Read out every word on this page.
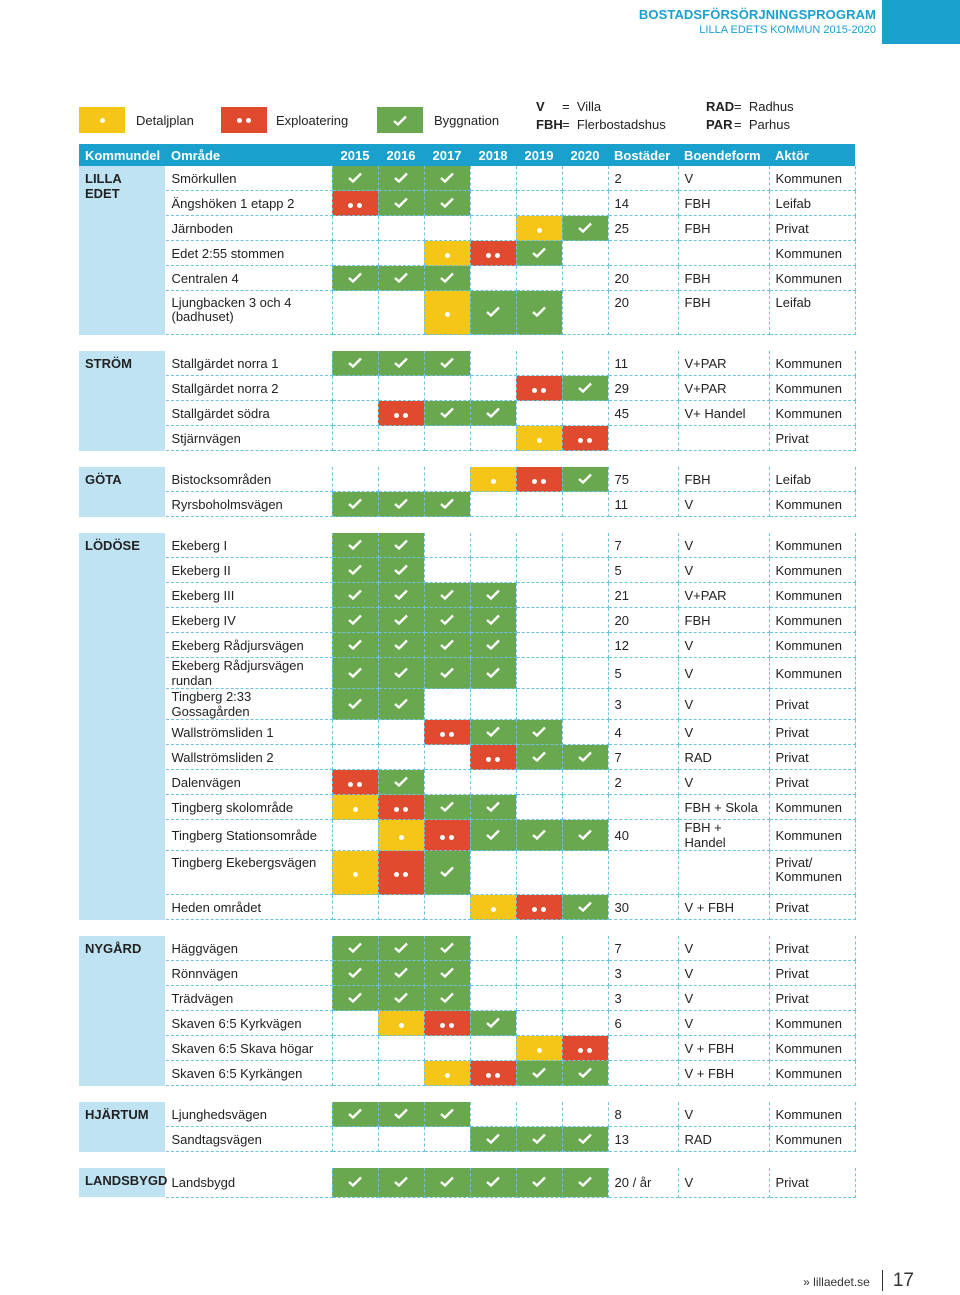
BOSTADSFÖRSÖRJNINGSPROGRAM
LILLA EDETS KOMMUN 2015-2020
Detaljplan	Exploatering	Byggnation
V = Villa
FBH= Flerbostadshus
RAD= Radhus
PAR = Parhus
Kommundel	Område	2015	2016	2017	2018	2019	2020	Bostäder	Boendeform	Aktör
LILLA EDET	Smörkullen							2	V	Kommunen
	Ängshöken 1 etapp 2							14	FBH	Leifab
	Järnboden							25	FBH	Privat
	Edet 2:55 stommen									Kommunen
	Centralen 4							20	FBH	Kommunen
	Ljungbacken 3 och 4 (badhuset)							20	FBH	Leifab

STRÖM	Stallgärdet norra 1							11	V+PAR	Kommunen
	Stallgärdet norra 2							29	V+PAR	Kommunen
	Stallgärdet södra							45	V+ Handel	Kommunen
	Stjärnvägen									Privat

GÖTA	Bistocksområden							75	FBH	Leifab
	Ryrsboholmsvägen							11	V	Kommunen

LÖDÖSE	Ekeberg I							7	V	Kommunen
	Ekeberg II							5	V	Kommunen
	Ekeberg III							21	V+PAR	Kommunen
	Ekeberg IV							20	FBH	Kommunen
	Ekeberg Rådjursvägen							12	V	Kommunen
	Ekeberg Rådjursvägen rundan							5	V	Kommunen
	Tingberg 2:33 Gossagården							3	V	Privat
	Wallströmsliden 1							4	V	Privat
	Wallströmsliden 2							7	RAD	Privat
	Dalenvägen							2	V	Privat
	Tingberg skolområde								FBH + Skola	Kommunen
	Tingberg Stationsområde							40	FBH + Handel	Kommunen
	Tingberg Ekebergsvägen									Privat/ Kommunen
	Heden området							30	V + FBH	Privat

NYGÅRD	Häggvägen							7	V	Privat
	Rönnvägen							3	V	Privat
	Trädvägen							3	V	Privat
	Skaven 6:5 Kyrkvägen							6	V	Kommunen
	Skaven 6:5 Skava högar								V + FBH	Kommunen
	Skaven 6:5 Kyrkängen								V + FBH	Kommunen

HJÄRTUM	Ljunghedsvägen							8	V	Kommunen
	Sandtagsvägen							13	RAD	Kommunen

LANDSBYGD	Landsbygd							20 / år	V	Privat
» lillaedet.se 17
